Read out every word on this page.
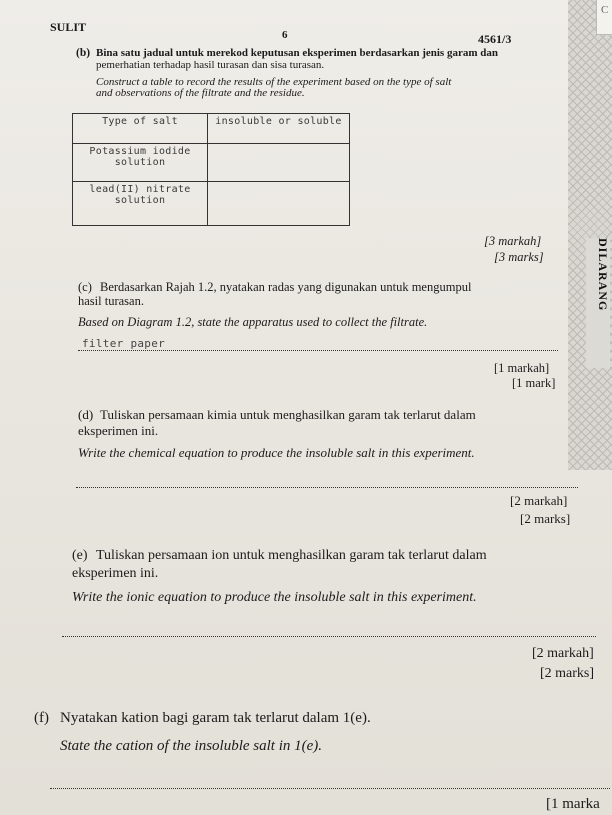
C
DILARANG
SULIT
6	4561/3
(b) Bina satu jadual untuk merekod keputusan eksperimen berdasarkan jenis garam dan
pemerhatian terhadap hasil turasan dan sisa turasan.
Construct a table to record the results of the experiment based on the type of salt
and observations of the filtrate and the residue.
Type of salt	insoluble or soluble

Potassium iodide
solution	

lead(II) nitrate
solution	

[3 markah]
[3 marks]
(c) Berdasarkan Rajah 1.2, nyatakan radas yang digunakan untuk mengumpul
hasil turasan.
Based on Diagram 1.2, state the apparatus used to collect the filtrate.
filter paper
[1 markah]
[1 mark]
(d) Tuliskan persamaan kimia untuk menghasilkan garam tak terlarut dalam
eksperimen ini.
Write the chemical equation to produce the insoluble salt in this experiment.
[2 markah]
[2 marks]
(e) Tuliskan persamaan ion untuk menghasilkan garam tak terlarut dalam
eksperimen ini.
Write the ionic equation to produce the insoluble salt in this experiment.
[2 markah]
[2 marks]
(f) Nyatakan kation bagi garam tak terlarut dalam 1(e).
State the cation of the insoluble salt in 1(e).
[1 marka
